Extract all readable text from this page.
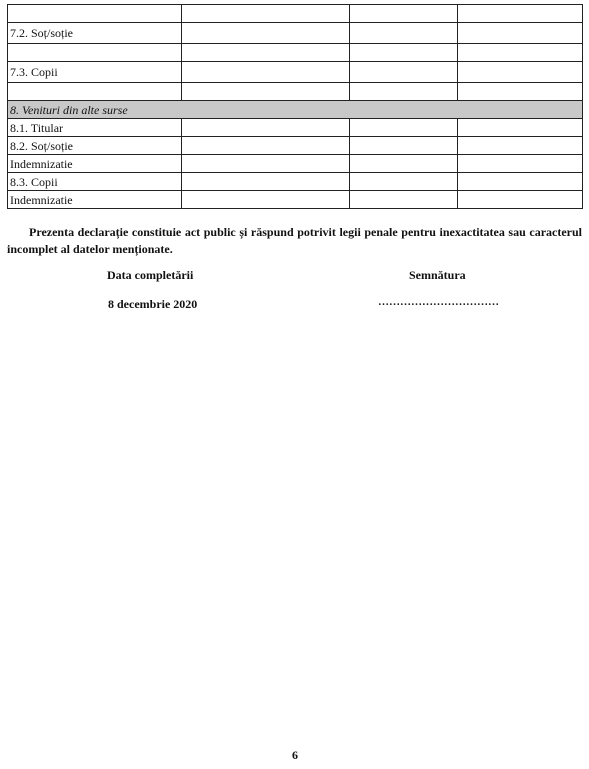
7.2. Soț/soție			

7.3. Copii			

8. Venituri din alte surse			
8.1. Titular			
8.2. Soț/soție			
Indemnizatie			
8.3. Copii			
Indemnizatie			

Prezenta declarație constituie act public și răspund potrivit legii penale pentru inexactitatea sau caracterul incomplet al datelor menționate.

Data completării	Semnătura
8 decembrie 2020	……………………………
6
